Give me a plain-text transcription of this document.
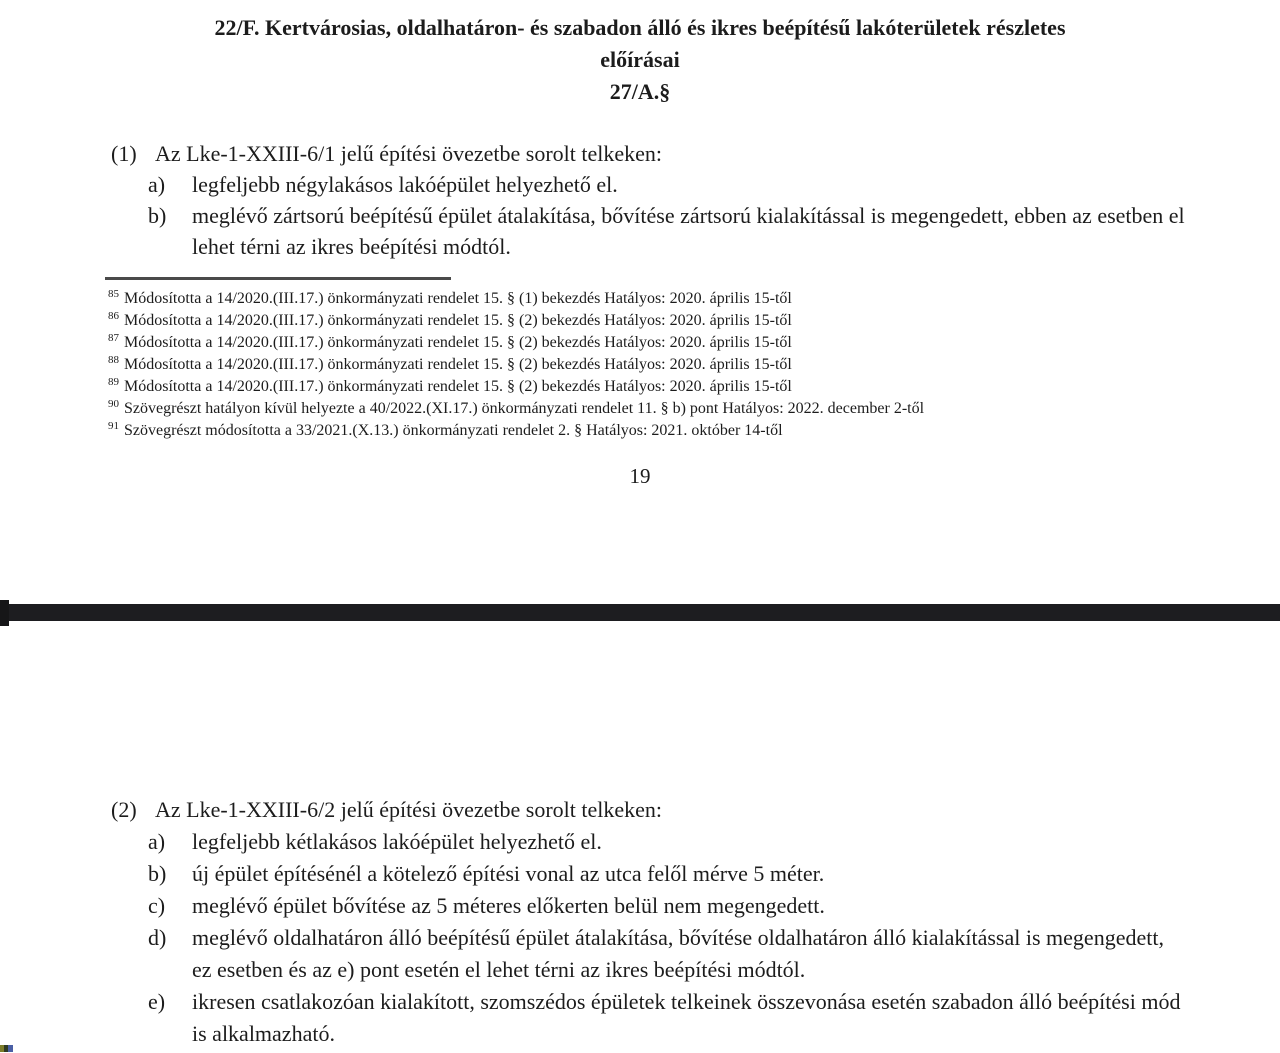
22/F. Kertvárosias, oldalhatáron- és szabadon álló és ikres beépítésű lakóterületek részletes
előírásai
27/A.§
(1) Az Lke-1-XXIII-6/1 jelű építési övezetbe sorolt telkeken:
a) legfeljebb négylakásos lakóépület helyezhető el.
b) meglévő zártsorú beépítésű épület átalakítása, bővítése zártsorú kialakítással is megengedett, ebben az esetben el lehet térni az ikres beépítési módtól.
$^{85}$ Módosította a 14/2020.(III.17.) önkormányzati rendelet 15. § (1) bekezdés Hatályos: 2020. április 15-től
$^{86}$ Módosította a 14/2020.(III.17.) önkormányzati rendelet 15. § (2) bekezdés Hatályos: 2020. április 15-től
$^{87}$ Módosította a 14/2020.(III.17.) önkormányzati rendelet 15. § (2) bekezdés Hatályos: 2020. április 15-től
$^{88}$ Módosította a 14/2020.(III.17.) önkormányzati rendelet 15. § (2) bekezdés Hatályos: 2020. április 15-től
$^{89}$ Módosította a 14/2020.(III.17.) önkormányzati rendelet 15. § (2) bekezdés Hatályos: 2020. április 15-től
$^{90}$ Szövegrészt hatályon kívül helyezte a 40/2022.(XI.17.) önkormányzati rendelet 11. § b) pont Hatályos: 2022. december 2-től
$^{91}$ Szövegrészt módosította a 33/2021.(X.13.) önkormányzati rendelet 2. § Hatályos: 2021. október 14-től
19
(2) Az Lke-1-XXIII-6/2 jelű építési övezetbe sorolt telkeken:
a) legfeljebb kétlakásos lakóépület helyezhető el.
b) új épület építésénél a kötelező építési vonal az utca felől mérve 5 méter.
c) meglévő épület bővítése az 5 méteres előkerten belül nem megengedett.
d) meglévő oldalhatáron álló beépítésű épület átalakítása, bővítése oldalhatáron álló kialakítással is megengedett, ez esetben és az e) pont esetén el lehet térni az ikres beépítési módtól.
e) ikresen csatlakozóan kialakított, szomszédos épületek telkeinek összevonása esetén szabadon álló beépítési mód is alkalmazható.
